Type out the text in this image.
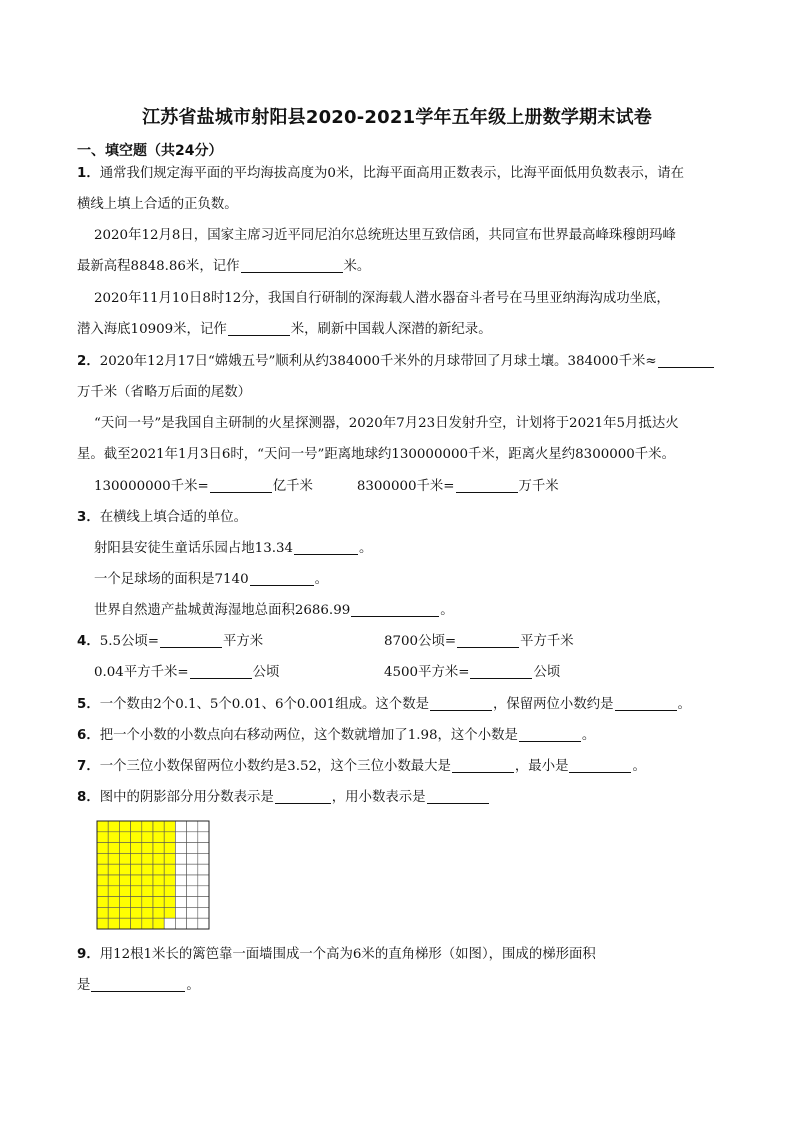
江苏省盐城市射阳县2020-2021学年五年级上册数学期末试卷
一、填空题（共24分）
1．通常我们规定海平面的平均海拔高度为0米，比海平面高用正数表示，比海平面低用负数表示，请在
横线上填上合适的正负数。
2020年12月8日，国家主席习近平同尼泊尔总统班达里互致信函，共同宣布世界最高峰珠穆朗玛峰
最新高程8848.86米，记作	米。
2020年11月10日8时12分，我国自行研制的深海载人潜水器奋斗者号在马里亚纳海沟成功坐底，
潜入海底10909米，记作	米，刷新中国载人深潜的新纪录。
2．2020年12月17日“嫦娥五号”顺利从约384000千米外的月球带回了月球土壤。384000千米≈
万千米（省略万后面的尾数）
“天问一号”是我国自主研制的火星探测器，2020年7月23日发射升空，计划将于2021年5月抵达火
星。截至2021年1月3日6时，“天问一号”距离地球约130000000千米，距离火星约8300000千米。
130000000千米=	亿千米	8300000千米=	万千米
3．在横线上填合适的单位。
射阳县安徒生童话乐园占地13.34	。
一个足球场的面积是7140	。
世界自然遗产盐城黄海湿地总面积2686.99	。
4．5.5公顷=	平方米	8700公顷=	平方千米
0.04平方千米=	公顷	4500平方米=	公顷
5．一个数由2个0.1、5个0.01、6个0.001组成。这个数是	，保留两位小数约是	。
6．把一个小数的小数点向右移动两位，这个数就增加了1.98，这个小数是	。
7．一个三位小数保留两位小数约是3.52，这个三位小数最大是	，最小是	。
8．图中的阴影部分用分数表示是	，用小数表示是
9．用12根1米长的篱笆靠一面墙围成一个高为6米的直角梯形（如图），围成的梯形面积
是	。
